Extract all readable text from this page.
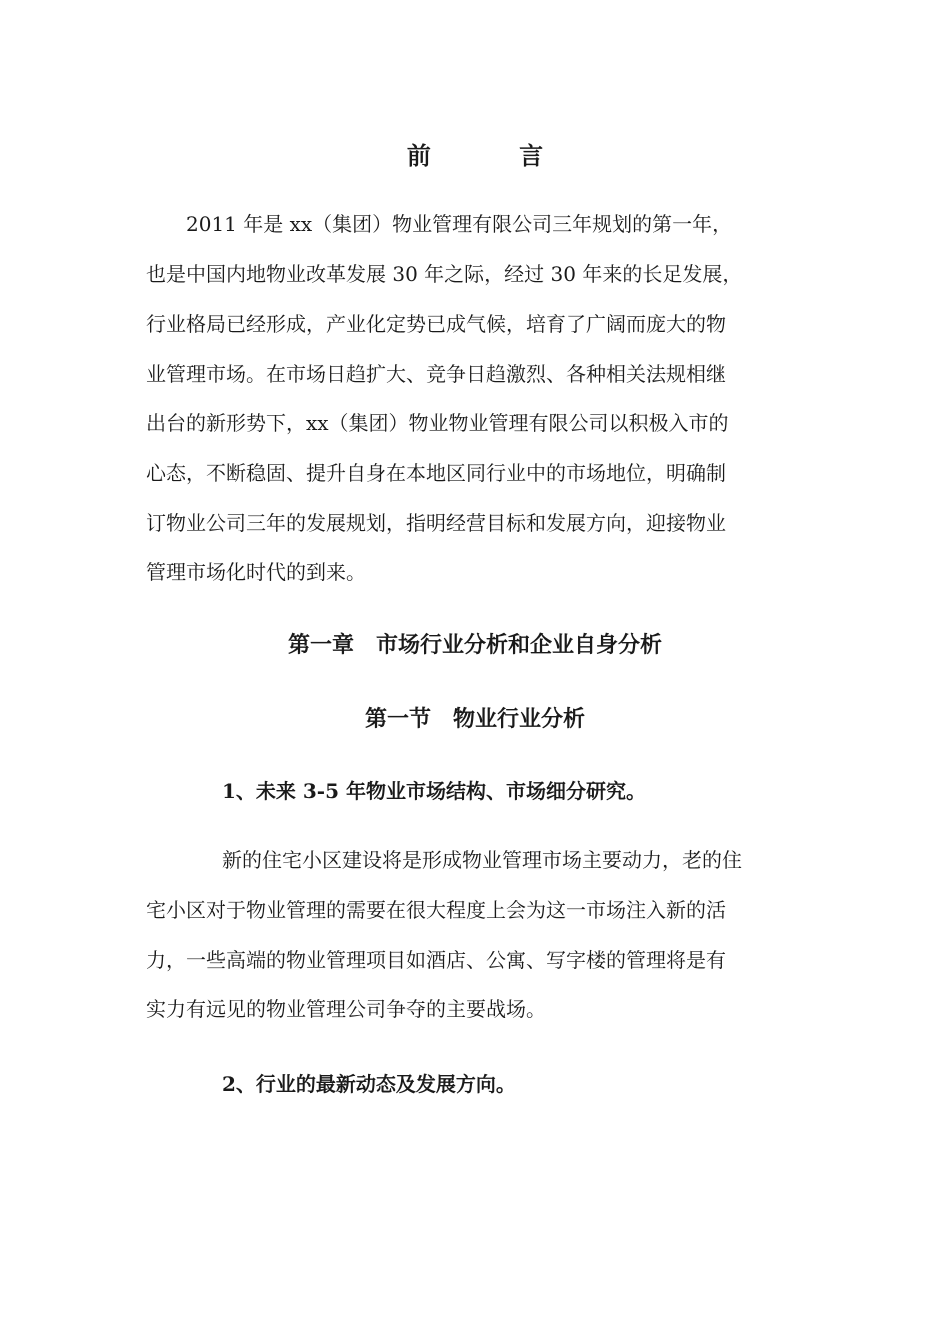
前 言
2011 年是 xx（集团）物业管理有限公司三年规划的第一年，
也是中国内地物业改革发展 30 年之际，经过 30 年来的长足发展，
行业格局已经形成，产业化定势已成气候，培育了广阔而庞大的物
业管理市场。在市场日趋扩大、竞争日趋激烈、各种相关法规相继
出台的新形势下，xx（集团）物业物业管理有限公司以积极入市的
心态，不断稳固、提升自身在本地区同行业中的市场地位，明确制
订物业公司三年的发展规划，指明经营目标和发展方向，迎接物业
管理市场化时代的到来。
第一章　市场行业分析和企业自身分析
第一节　物业行业分析
1、未来 3-5 年物业市场结构、市场细分研究。
新的住宅小区建设将是形成物业管理市场主要动力，老的住
宅小区对于物业管理的需要在很大程度上会为这一市场注入新的活
力，一些高端的物业管理项目如酒店、公寓、写字楼的管理将是有
实力有远见的物业管理公司争夺的主要战场。
2、行业的最新动态及发展方向。
